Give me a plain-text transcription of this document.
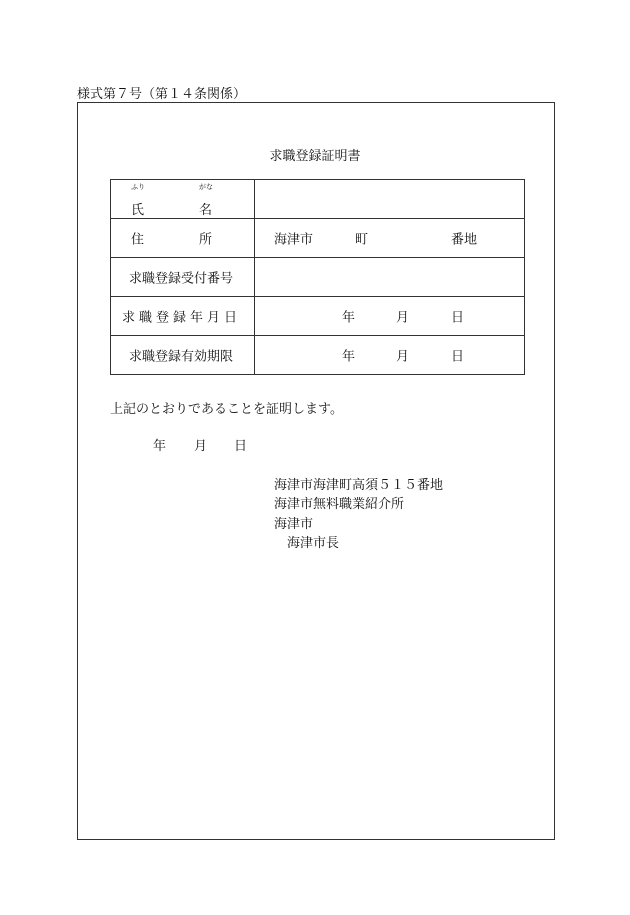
様式第７号（第１４条関係）
求職登録証明書
ふり がな
氏 名	

住 所	海津市 町 番地

求職登録受付番号	

求職登録年月日	年 月 日

求職登録有効期限	年 月 日
上記のとおりであることを証明します。
年 月 日
海津市海津町高須５１５番地
海津市無料職業紹介所
海津市
海津市長
